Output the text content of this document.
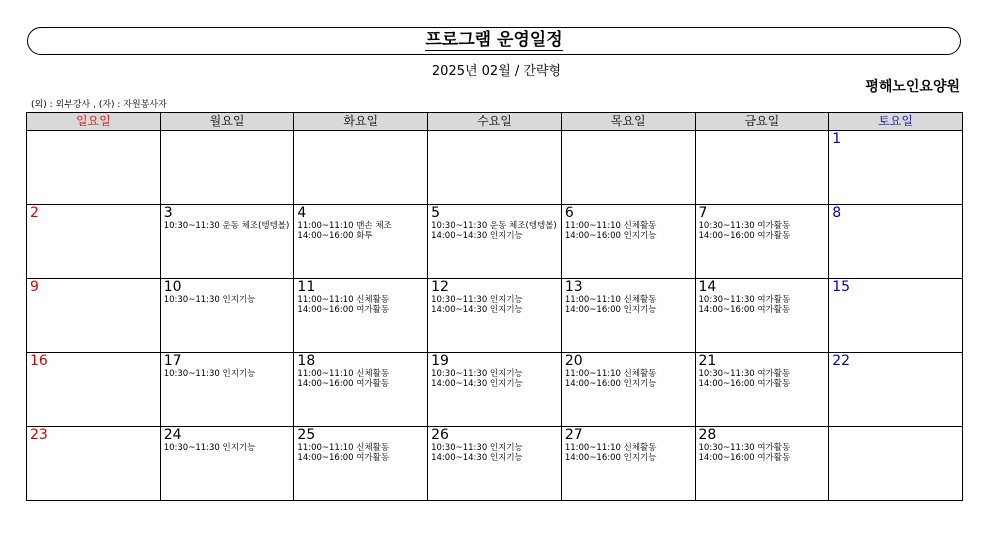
프로그램 운영일정
2025년 02월 / 간략형
평해노인요양원
(외) : 외부강사 , (자) : 자원봉사자
일요일	월요일	화요일	수요일	목요일	금요일	토요일

						1

2	3
10:30~11:30 운동 체조(텡텡볼)	4
11:00~11:10 맨손 체조
14:00~16:00 화투	5
10:30~11:30 운동 체조(텡텡볼)
14:00~14:30 인지기능	6
11:00~11:10 신체활동
14:00~16:00 인지기능	7
10:30~11:30 여가활동
14:00~16:00 여가활동	8

9	10
10:30~11:30 인지기능	11
11:00~11:10 신체활동
14:00~16:00 여가활동	12
10:30~11:30 인지기능
14:00~14:30 인지기능	13
11:00~11:10 신체활동
14:00~16:00 인지기능	14
10:30~11:30 여가활동
14:00~16:00 여가활동	15

16	17
10:30~11:30 인지기능	18
11:00~11:10 신체활동
14:00~16:00 여가활동	19
10:30~11:30 인지기능
14:00~14:30 인지기능	20
11:00~11:10 신체활동
14:00~16:00 인지기능	21
10:30~11:30 여가활동
14:00~16:00 여가활동	22

23	24
10:30~11:30 인지기능	25
11:00~11:10 신체활동
14:00~16:00 여가활동	26
10:30~11:30 인지기능
14:00~14:30 인지기능	27
11:00~11:10 신체활동
14:00~16:00 인지기능	28
10:30~11:30 여가활동
14:00~16:00 여가활동	
